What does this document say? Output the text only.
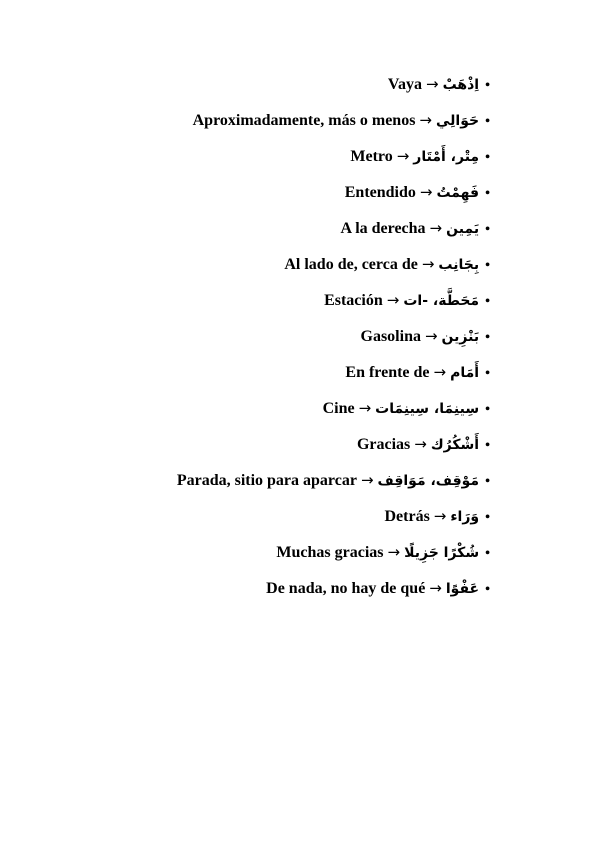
•اِذْهَبْ→Vaya
•حَوَالِي→Aproximadamente, más o menos
•مِتْر، أَمْتَار→Metro
•فَهِمْتُ→Entendido
•يَمِين→A la derecha
•بِجَانِب→Al lado de, cerca de
•مَحَطَّة، -ات→Estación
•بَنْزِين→Gasolina
•أَمَام→En frente de
•سِينِمَا، سِينِمَات→Cine
•أَشْكُرُك→Gracias
•مَوْقِف، مَوَاقِف→Parada, sitio para aparcar
•وَرَاء→Detrás
•شُكْرًا جَزِيلًا→Muchas gracias
•عَفْوًا→De nada, no hay de qué
